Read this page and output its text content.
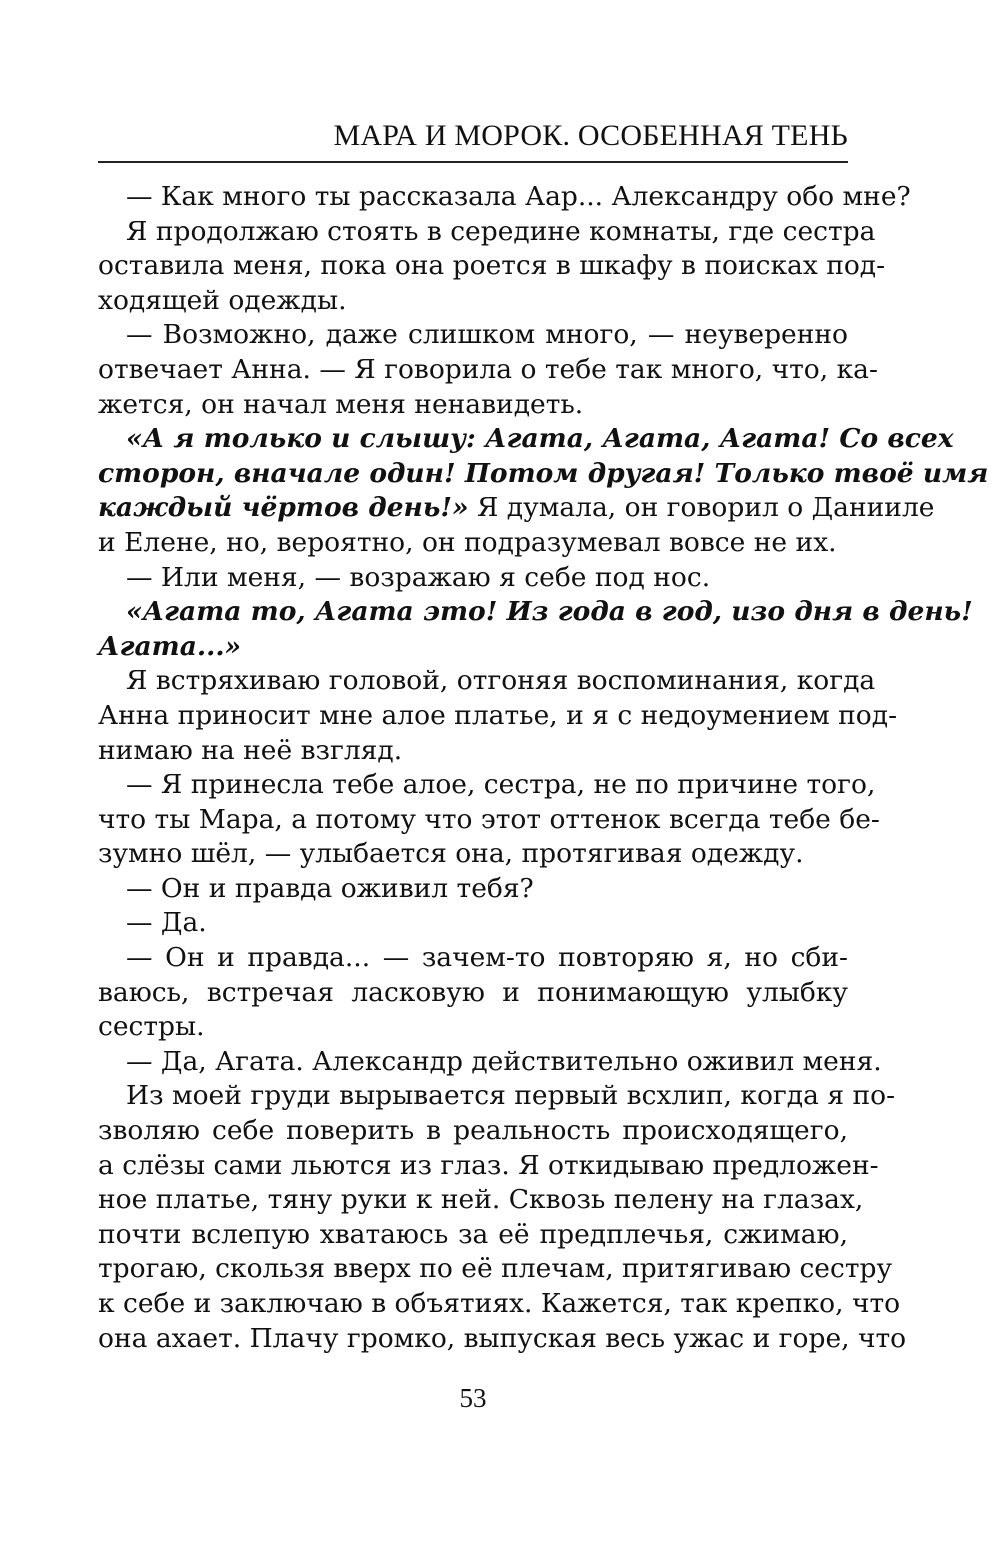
МАРА И МОРОК. ОСОБЕННАЯ ТЕНЬ
— Как много ты рассказала Аар... Александру обо мне?
Я продолжаю стоять в середине комнаты, где сестра
оставила меня, пока она роется в шкафу в поисках под-
ходящей одежды.
— Возможно, даже слишком много, — неуверенно
отвечает Анна. — Я говорила о тебе так много, что, ка-
жется, он начал меня ненавидеть.
«А я только и слышу: Агата, Агата, Агата! Со всех
сторон, вначале один! Потом другая! Только твоё имя
каждый чёртов день!» Я думала, он говорил о Данииле
и Елене, но, вероятно, он подразумевал вовсе не их.
— Или меня, — возражаю я себе под нос.
«Агата то, Агата это! Из года в год, изо дня в день!
Агата...»
Я встряхиваю головой, отгоняя воспоминания, когда
Анна приносит мне алое платье, и я с недоумением под-
нимаю на неё взгляд.
— Я принесла тебе алое, сестра, не по причине того,
что ты Мара, а потому что этот оттенок всегда тебе бе-
зумно шёл, — улыбается она, протягивая одежду.
— Он и правда оживил тебя?
— Да.
— Он и правда... — зачем-то повторяю я, но сби-
ваюсь, встречая ласковую и понимающую улыбку
сестры.
— Да, Агата. Александр действительно оживил меня.
Из моей груди вырывается первый всхлип, когда я по-
зволяю себе поверить в реальность происходящего,
а слёзы сами льются из глаз. Я откидываю предложен-
ное платье, тяну руки к ней. Сквозь пелену на глазах,
почти вслепую хватаюсь за её предплечья, сжимаю,
трогаю, скользя вверх по её плечам, притягиваю сестру
к себе и заключаю в объятиях. Кажется, так крепко, что
она ахает. Плачу громко, выпуская весь ужас и горе, что
53
